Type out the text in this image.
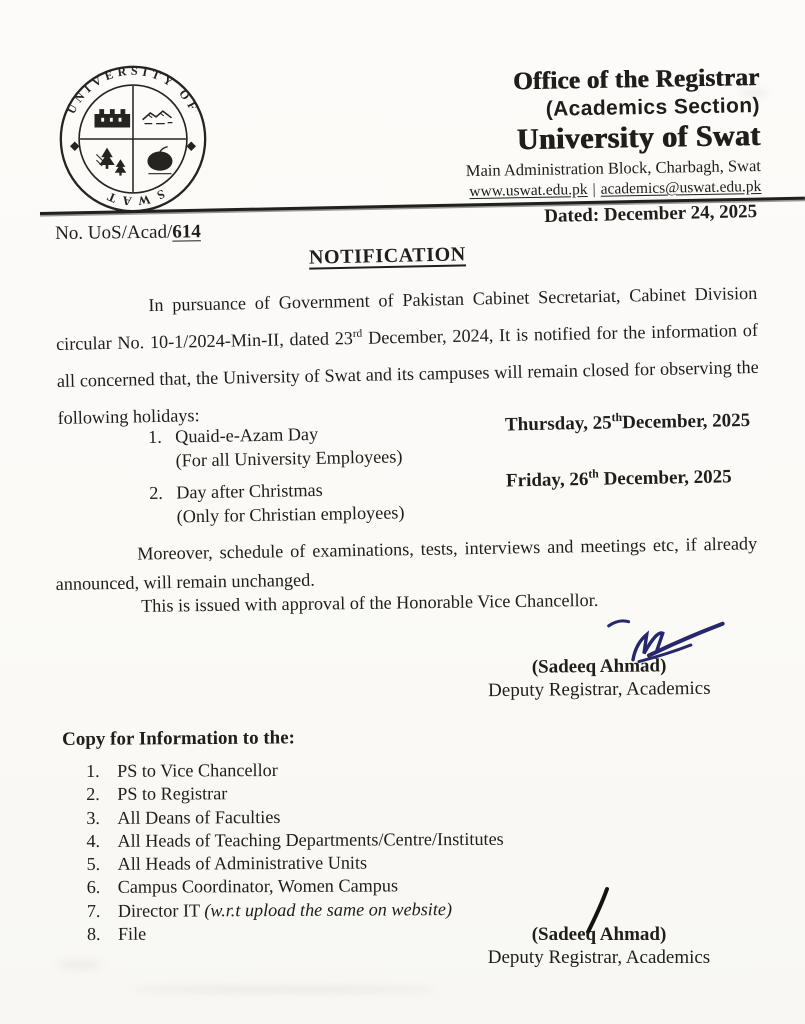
UNIVERSITY OF
SWAT
Office of the Registrar
(Academics Section)
University of Swat
Main Administration Block, Charbagh, Swat
www.uswat.edu.pk | academics@uswat.edu.pk
Dated: December 24, 2025
No. UoS/Acad/614
NOTIFICATION
In pursuance of Government of Pakistan Cabinet Secretariat, Cabinet Division circular No. 10-1/2024-Min-II, dated 23rd December, 2024, It is notified for the information of all concerned that, the University of Swat and its campuses will remain closed for observing the following holidays:
1. Quaid-e-Azam Day
(For all University Employees)
Thursday, 25thDecember, 2025
2. Day after Christmas
(Only for Christian employees)
Friday, 26th December, 2025
Moreover, schedule of examinations, tests, interviews and meetings etc, if already announced, will remain unchanged.
This is issued with approval of the Honorable Vice Chancellor.
(Sadeeq Ahmad)
Deputy Registrar, Academics
Copy for Information to the:
1. PS to Vice Chancellor
2. PS to Registrar
3. All Deans of Faculties
4. All Heads of Teaching Departments/Centre/Institutes
5. All Heads of Administrative Units
6. Campus Coordinator, Women Campus
7. Director IT (w.r.t upload the same on website)
8. File	(Sadeeq Ahmad)
Deputy Registrar, Academics
